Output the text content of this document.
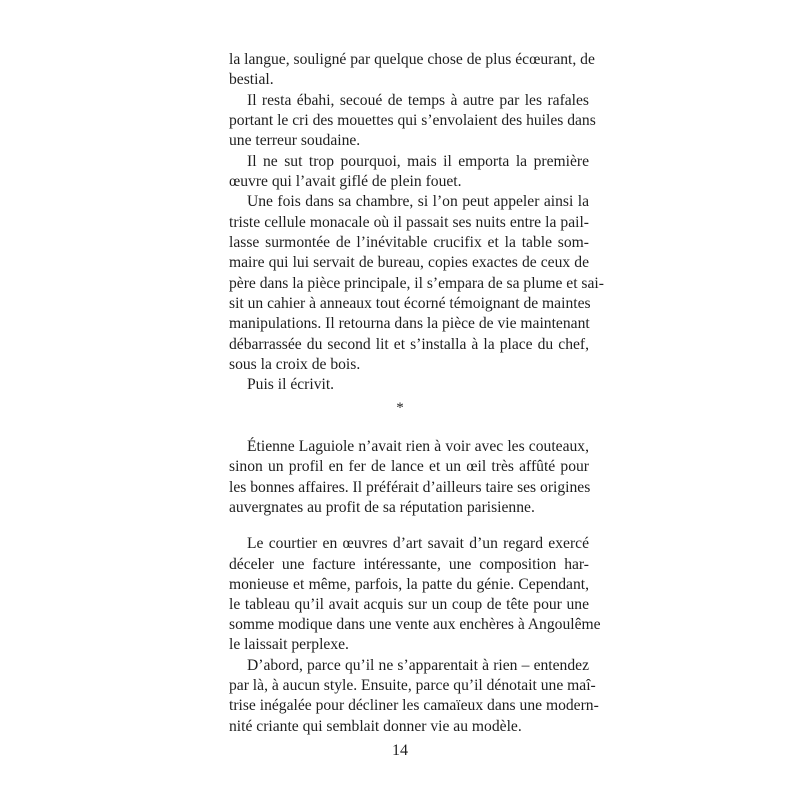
la langue, souligné par quelque chose de plus écœurant, de
bestial.
Il resta ébahi, secoué de temps à autre par les rafales
portant le cri des mouettes qui s’envolaient des huiles dans
une terreur soudaine.
Il ne sut trop pourquoi, mais il emporta la première
œuvre qui l’avait giflé de plein fouet.
Une fois dans sa chambre, si l’on peut appeler ainsi la
triste cellule monacale où il passait ses nuits entre la pail-
lasse surmontée de l’inévitable crucifix et la table som-
maire qui lui servait de bureau, copies exactes de ceux de
père dans la pièce principale, il s’empara de sa plume et sai-
sit un cahier à anneaux tout écorné témoignant de maintes
manipulations. Il retourna dans la pièce de vie maintenant
débarrassée du second lit et s’installa à la place du chef,
sous la croix de bois.
Puis il écrivit.
*
Étienne Laguiole n’avait rien à voir avec les couteaux,
sinon un profil en fer de lance et un œil très affûté pour
les bonnes affaires. Il préférait d’ailleurs taire ses origines
auvergnates au profit de sa réputation parisienne.
Le courtier en œuvres d’art savait d’un regard exercé
déceler une facture intéressante, une composition har-
monieuse et même, parfois, la patte du génie. Cependant,
le tableau qu’il avait acquis sur un coup de tête pour une
somme modique dans une vente aux enchères à Angoulême
le laissait perplexe.
D’abord, parce qu’il ne s’apparentait à rien – entendez
par là, à aucun style. Ensuite, parce qu’il dénotait une maî-
trise inégalée pour décliner les camaïeux dans une modern-
nité criante qui semblait donner vie au modèle.
14
